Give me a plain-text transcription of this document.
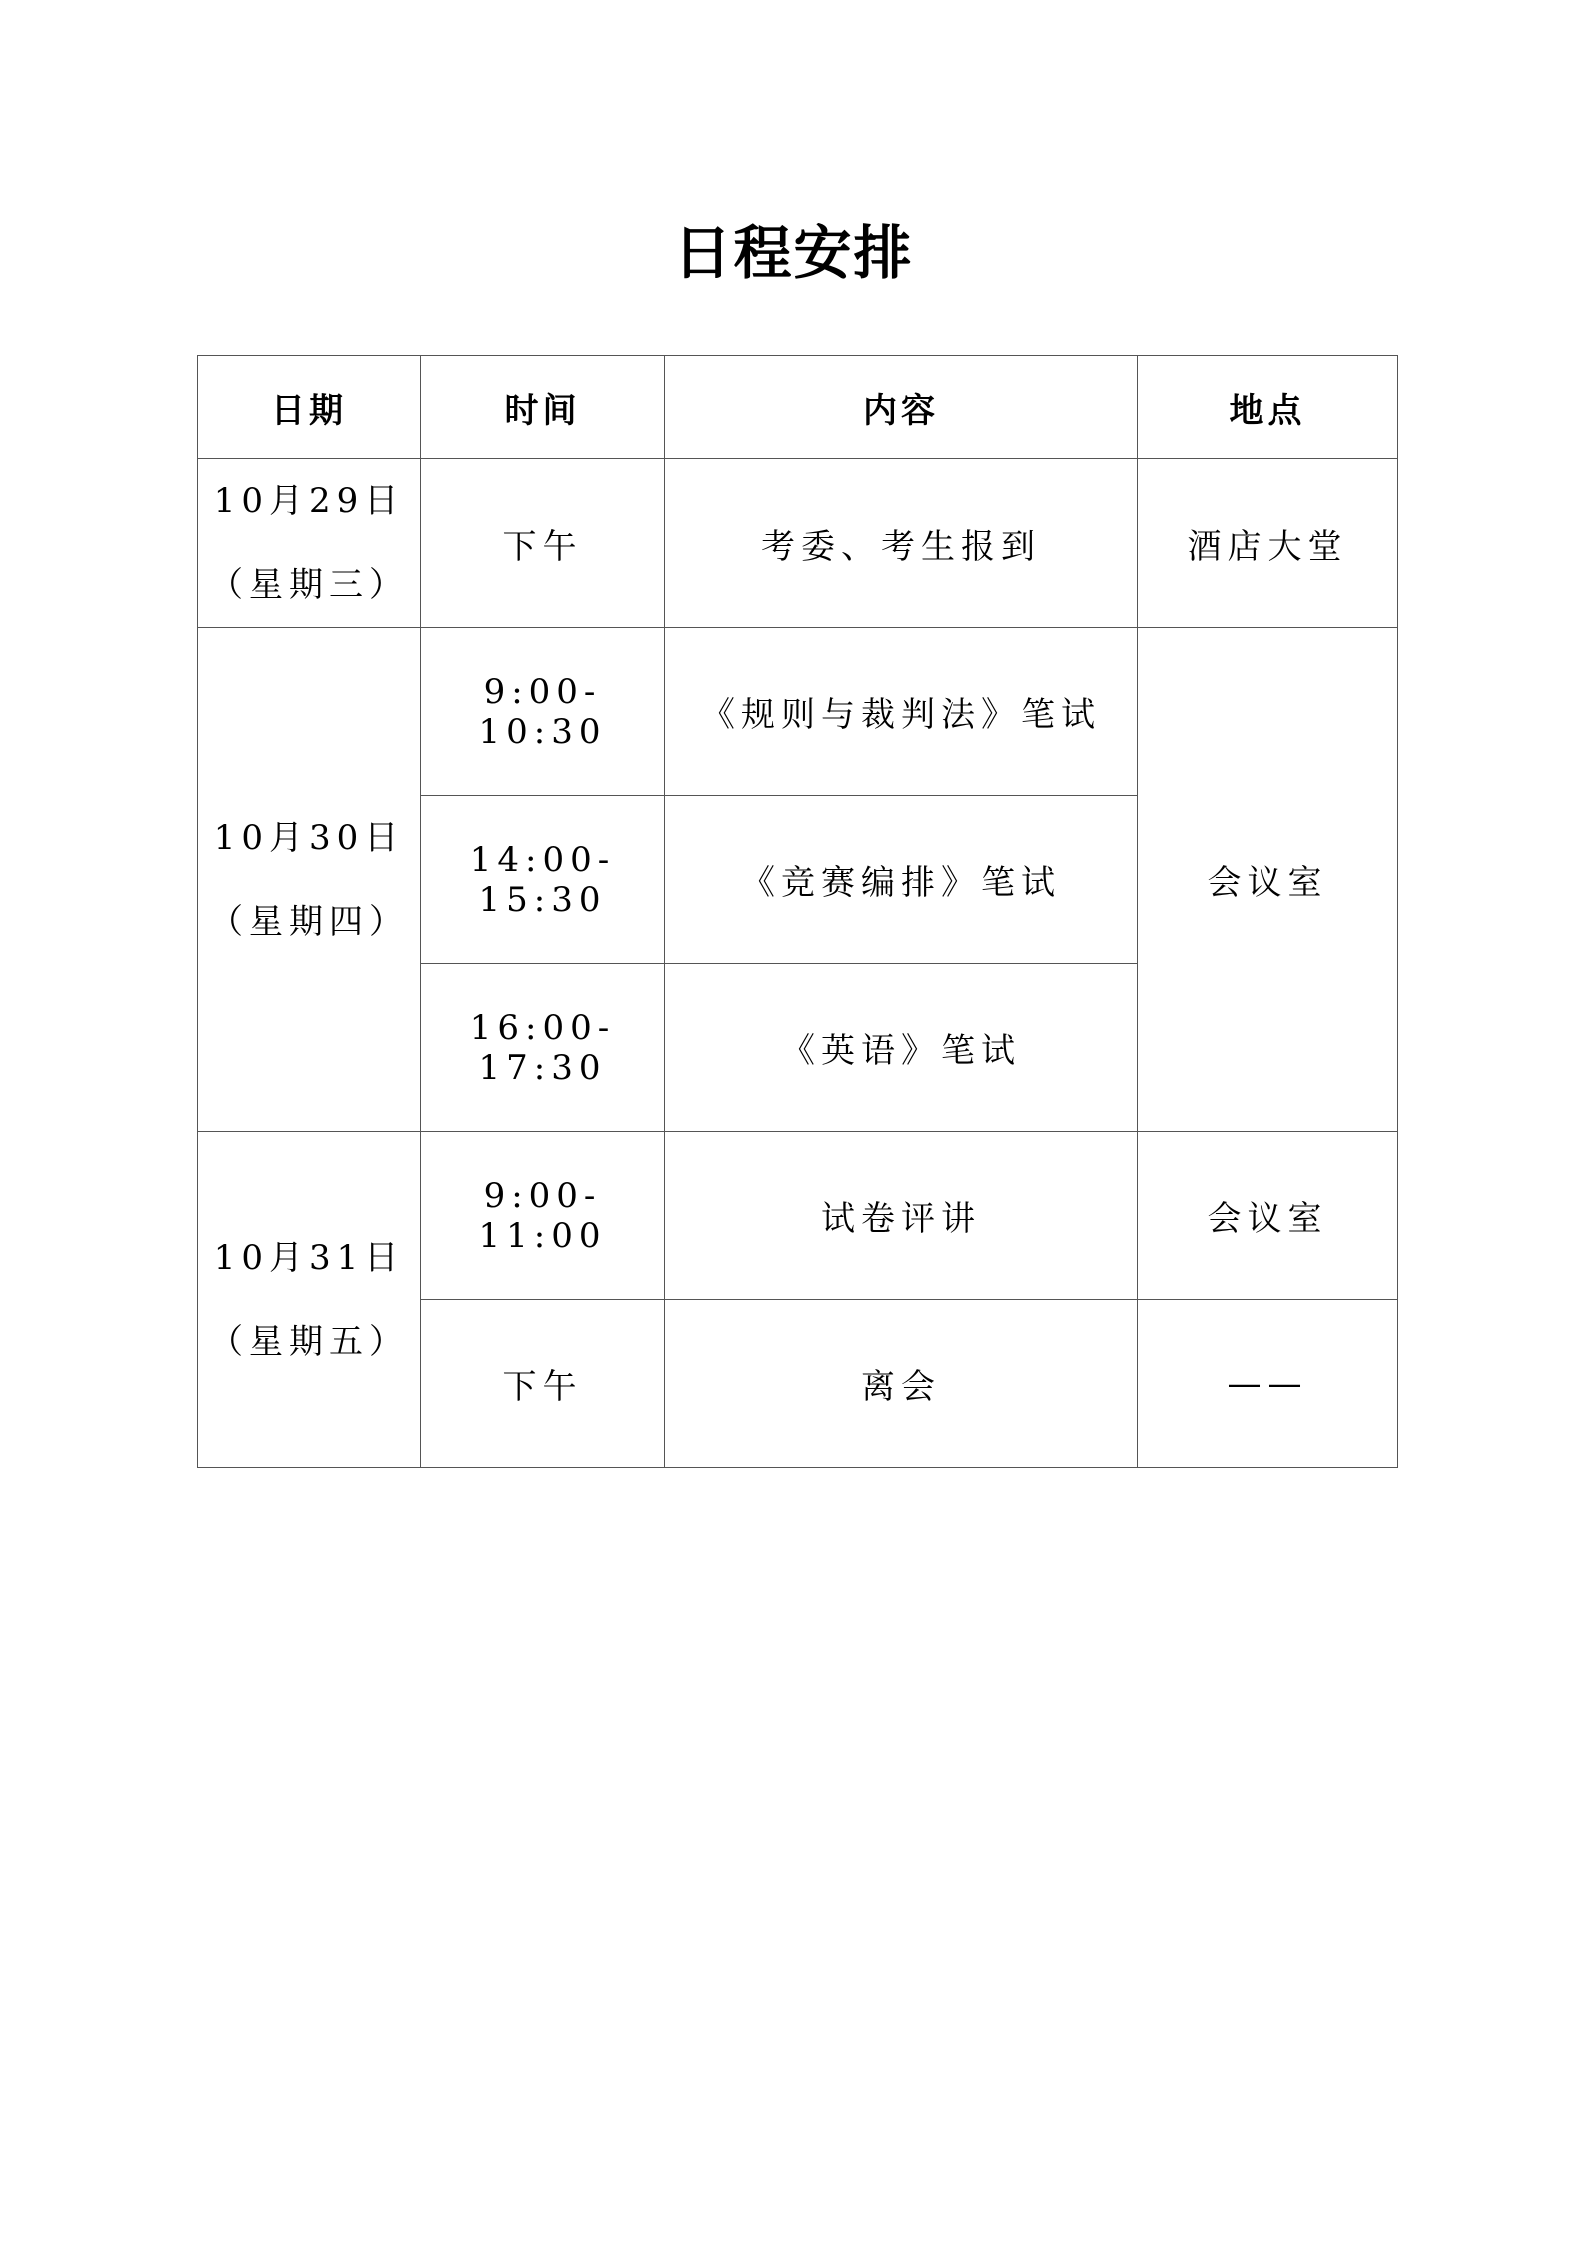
日程安排
日期	时间	内容	地点

10月29日
（星期三）	下午	考委、考生报到	酒店大堂

10月30日
（星期四）	9:00-10:30	《规则与裁判法》笔试	会议室
	14:00-15:30	《竞赛编排》笔试	
	16:00-17:30	《英语》笔试	

10月31日
（星期五）	9:00-11:00	试卷评讲	会议室
	下午	离会	——
